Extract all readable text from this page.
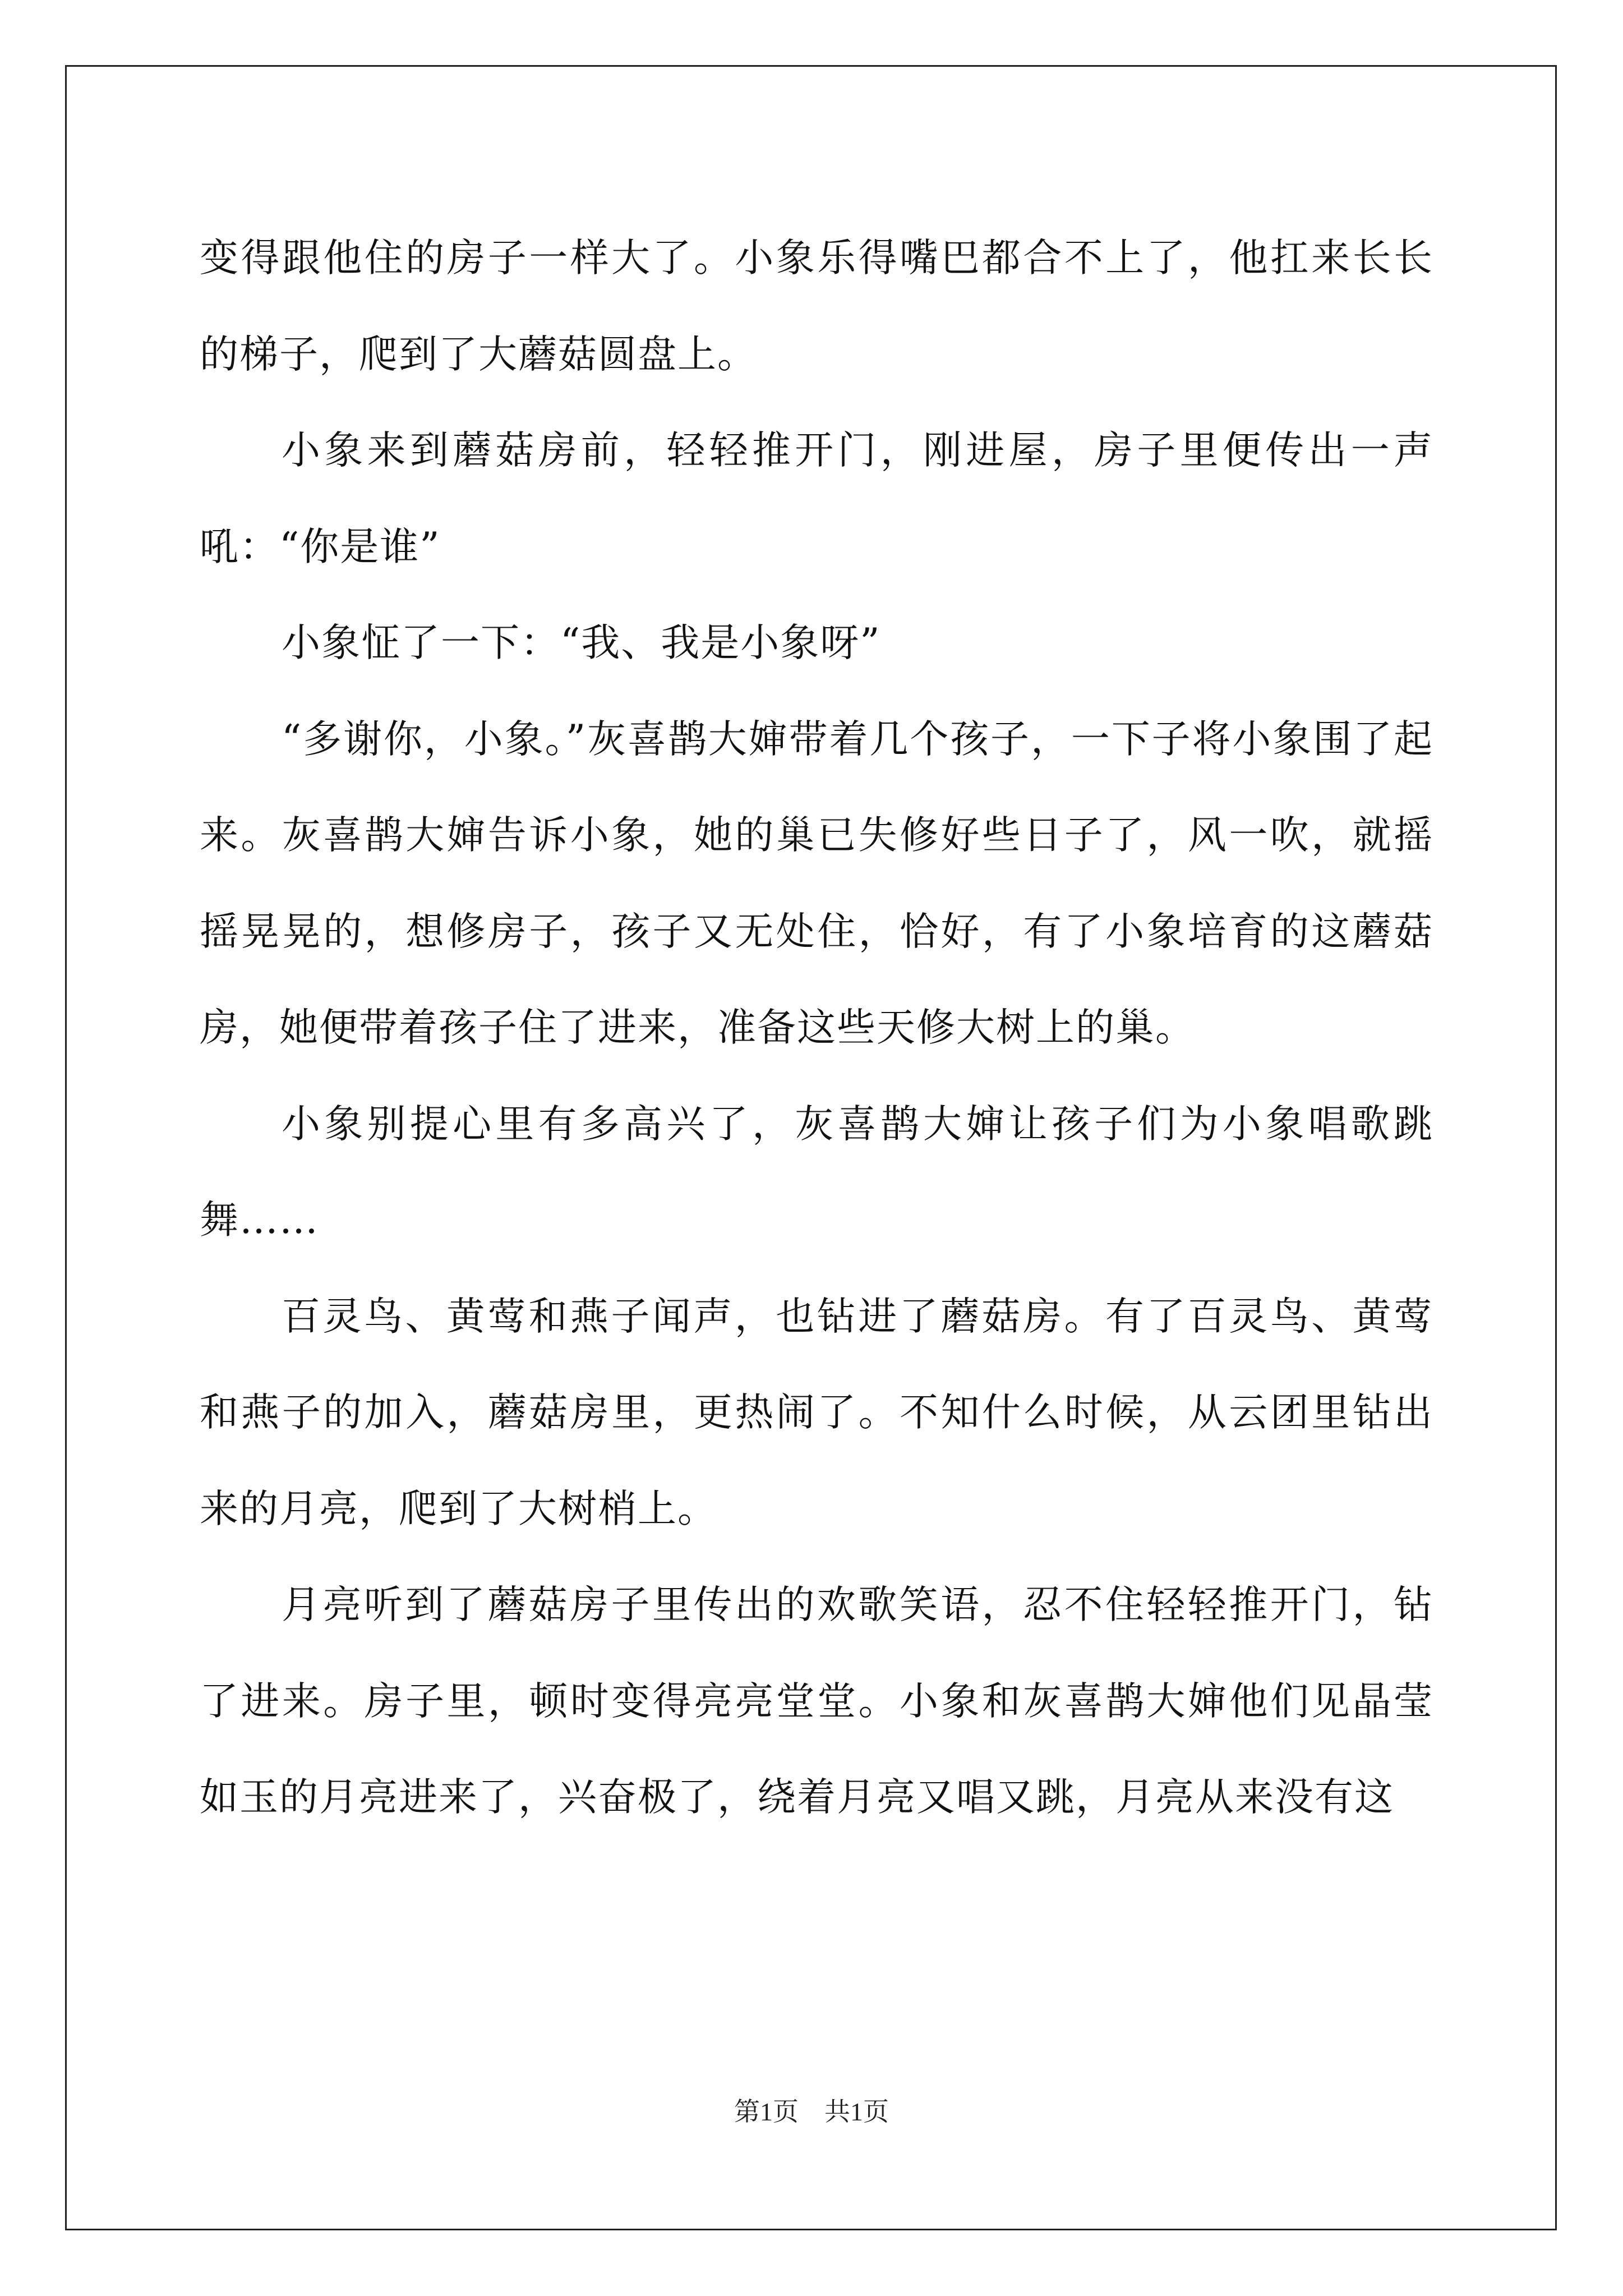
变得跟他住的房子一样大了。小象乐得嘴巴都合不上了，他扛来长长的梯子，爬到了大蘑菇圆盘上。

小象来到蘑菇房前，轻轻推开门，刚进屋，房子里便传出一声吼：“你是谁”

小象怔了一下：“我、我是小象呀”

“多谢你，小象。”灰喜鹊大婶带着几个孩子，一下子将小象围了起来。灰喜鹊大婶告诉小象，她的巢已失修好些日子了，风一吹，就摇摇晃晃的，想修房子，孩子又无处住，恰好，有了小象培育的这蘑菇房，她便带着孩子住了进来，准备这些天修大树上的巢。

小象别提心里有多高兴了，灰喜鹊大婶让孩子们为小象唱歌跳舞……

百灵鸟、黄莺和燕子闻声，也钻进了蘑菇房。有了百灵鸟、黄莺和燕子的加入，蘑菇房里，更热闹了。不知什么时候，从云团里钻出来的月亮，爬到了大树梢上。

月亮听到了蘑菇房子里传出的欢歌笑语，忍不住轻轻推开门，钻了进来。房子里，顿时变得亮亮堂堂。小象和灰喜鹊大婶他们见晶莹如玉的月亮进来了，兴奋极了，绕着月亮又唱又跳，月亮从来没有这

第1页　共1页
